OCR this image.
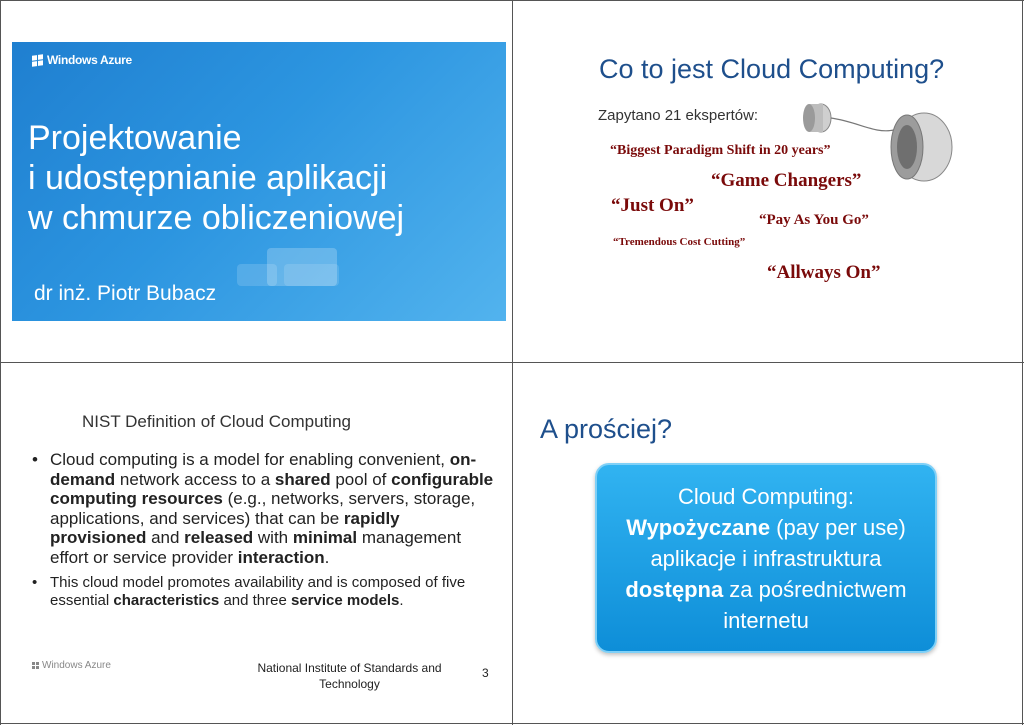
Windows Azure
Projektowanie
i udostępnianie aplikacji
w chmurze obliczeniowej
dr inż. Piotr Bubacz
Co to jest Cloud Computing?
Zapytano 21 ekspertów:
“Biggest Paradigm Shift in 20 years”
“Game Changers”
“Just On”
“Pay As You Go”
“Tremendous Cost Cutting”
“Allways On”
NIST Definition of Cloud Computing
• Cloud computing is a model for enabling convenient, on-demand network access to a shared pool of configurable computing resources (e.g., networks, servers, storage, applications, and services) that can be rapidly provisioned and released with minimal management effort or service provider interaction.
• This cloud model promotes availability and is composed of five essential characteristics and three service models.
Windows Azure	National Institute of Standards and Technology
3
A prościej?

Cloud Computing:
Wypożyczane (pay per use) aplikacje i infrastruktura dostępna za pośrednictwem internetu
